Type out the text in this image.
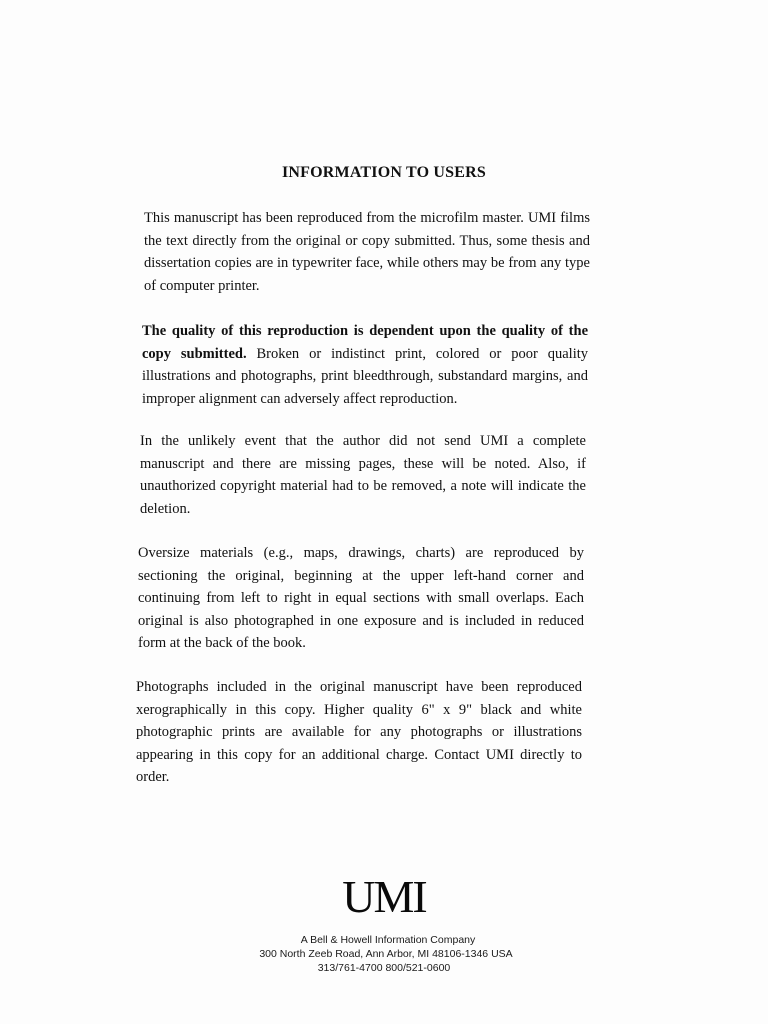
INFORMATION TO USERS

This manuscript has been reproduced from the microfilm master. UMI films the text directly from the original or copy submitted. Thus, some thesis and dissertation copies are in typewriter face, while others may be from any type of computer printer.

The quality of this reproduction is dependent upon the quality of the copy submitted. Broken or indistinct print, colored or poor quality illustrations and photographs, print bleedthrough, substandard margins, and improper alignment can adversely affect reproduction.

In the unlikely event that the author did not send UMI a complete manuscript and there are missing pages, these will be noted. Also, if unauthorized copyright material had to be removed, a note will indicate the deletion.

Oversize materials (e.g., maps, drawings, charts) are reproduced by sectioning the original, beginning at the upper left-hand corner and continuing from left to right in equal sections with small overlaps. Each original is also photographed in one exposure and is included in reduced form at the back of the book.

Photographs included in the original manuscript have been reproduced xerographically in this copy. Higher quality 6" x 9" black and white photographic prints are available for any photographs or illustrations appearing in this copy for an additional charge. Contact UMI directly to order.

UMI
A Bell & Howell Information Company
300 North Zeeb Road, Ann Arbor, MI 48106-1346 USA
313/761-4700 800/521-0600
